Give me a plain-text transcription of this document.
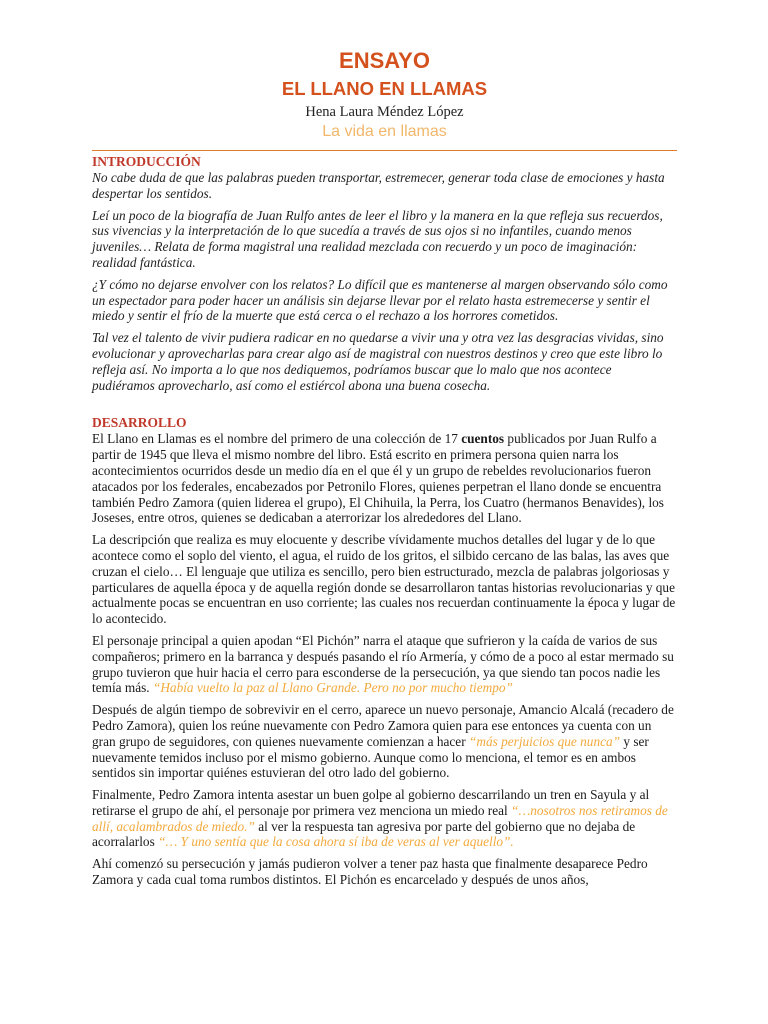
ENSAYO
EL LLANO EN LLAMAS

Hena Laura Méndez López

La vida en llamas

INTRODUCCIÓN

No cabe duda de que las palabras pueden transportar, estremecer, generar toda clase de emociones y hasta despertar los sentidos.

Leí un poco de la biografía de Juan Rulfo antes de leer el libro y la manera en la que refleja sus recuerdos, sus vivencias y la interpretación de lo que sucedía a través de sus ojos si no infantiles, cuando menos juveniles… Relata de forma magistral una realidad mezclada con recuerdo y un poco de imaginación: realidad fantástica.

¿Y cómo no dejarse envolver con los relatos? Lo difícil que es mantenerse al margen observando sólo como un espectador para poder hacer un análisis sin dejarse llevar por el relato hasta estremecerse y sentir el miedo y sentir el frío de la muerte que está cerca o el rechazo a los horrores cometidos.

Tal vez el talento de vivir pudiera radicar en no quedarse a vivir una y otra vez las desgracias vividas, sino evolucionar y aprovecharlas para crear algo así de magistral con nuestros destinos y creo que este libro lo refleja así. No importa a lo que nos dediquemos, podríamos buscar que lo malo que nos acontece pudiéramos aprovecharlo, así como el estiércol abona una buena cosecha.

DESARROLLO

El Llano en Llamas es el nombre del primero de una colección de 17 cuentos publicados por Juan Rulfo a partir de 1945 que lleva el mismo nombre del libro. Está escrito en primera persona quien narra los acontecimientos ocurridos desde un medio día en el que él y un grupo de rebeldes revolucionarios fueron atacados por los federales, encabezados por Petronilo Flores, quienes perpetran el llano donde se encuentra también Pedro Zamora (quien liderea el grupo), El Chihuila, la Perra, los Cuatro (hermanos Benavides), los Joseses, entre otros, quienes se dedicaban a aterrorizar los alrededores del Llano.

La descripción que realiza es muy elocuente y describe vívidamente muchos detalles del lugar y de lo que acontece como el soplo del viento, el agua, el ruido de los gritos, el silbido cercano de las balas, las aves que cruzan el cielo… El lenguaje que utiliza es sencillo, pero bien estructurado, mezcla de palabras jolgoriosas y particulares de aquella época y de aquella región donde se desarrollaron tantas historias revolucionarias y que actualmente pocas se encuentran en uso corriente; las cuales nos recuerdan continuamente la época y lugar de lo acontecido.

El personaje principal a quien apodan “El Pichón” narra el ataque que sufrieron y la caída de varios de sus compañeros; primero en la barranca y después pasando el río Armería, y cómo de a poco al estar mermado su grupo tuvieron que huir hacia el cerro para esconderse de la persecución, ya que siendo tan pocos nadie les temía más. “Había vuelto la paz al Llano Grande. Pero no por mucho tiempo”

Después de algún tiempo de sobrevivir en el cerro, aparece un nuevo personaje, Amancio Alcalá (recadero de Pedro Zamora), quien los reúne nuevamente con Pedro Zamora quien para ese entonces ya cuenta con un gran grupo de seguidores, con quienes nuevamente comienzan a hacer “más perjuicios que nunca” y ser nuevamente temidos incluso por el mismo gobierno. Aunque como lo menciona, el temor es en ambos sentidos sin importar quiénes estuvieran del otro lado del gobierno.

Finalmente, Pedro Zamora intenta asestar un buen golpe al gobierno descarrilando un tren en Sayula y al retirarse el grupo de ahí, el personaje por primera vez menciona un miedo real “…nosotros nos retiramos de allí, acalambrados de miedo.” al ver la respuesta tan agresiva por parte del gobierno que no dejaba de acorralarlos “… Y uno sentía que la cosa ahora sí iba de veras al ver aquello”.

Ahí comenzó su persecución y jamás pudieron volver a tener paz hasta que finalmente desaparece Pedro Zamora y cada cual toma rumbos distintos. El Pichón es encarcelado y después de unos años,
